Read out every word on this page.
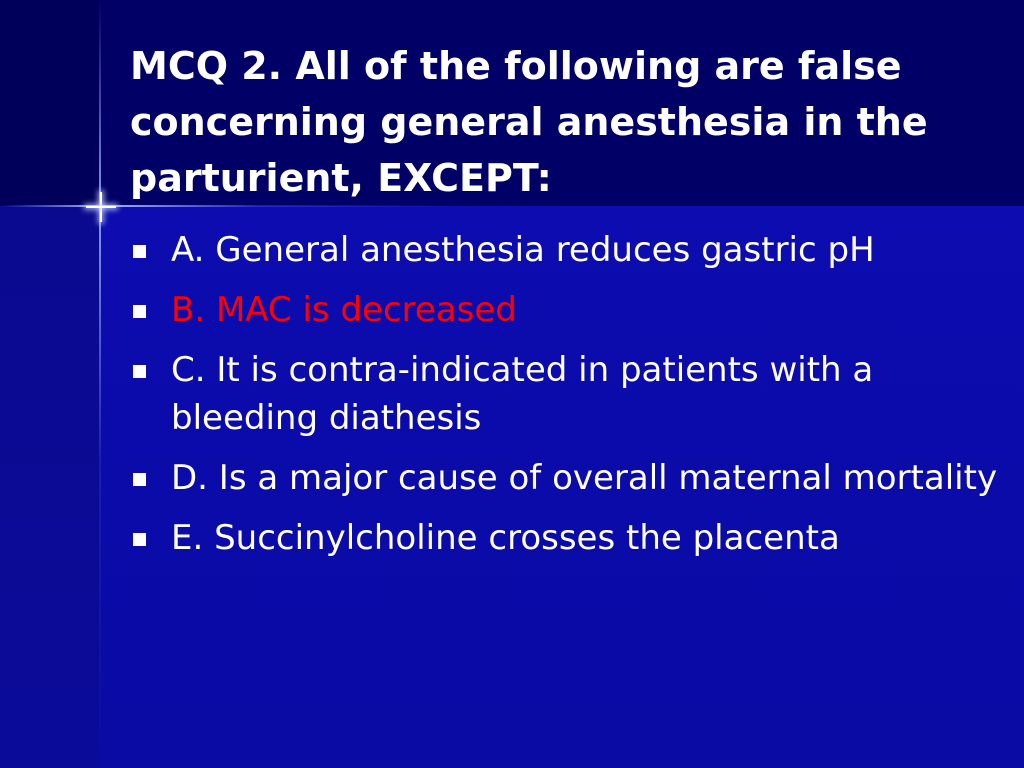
MCQ 2. All of the following are false concerning general anesthesia in the parturient, EXCEPT:
A. General anesthesia reduces gastric pH
B. MAC is decreased
C. It is contra-indicated in patients with a bleeding diathesis
D. Is a major cause of overall maternal mortality
E. Succinylcholine crosses the placenta
